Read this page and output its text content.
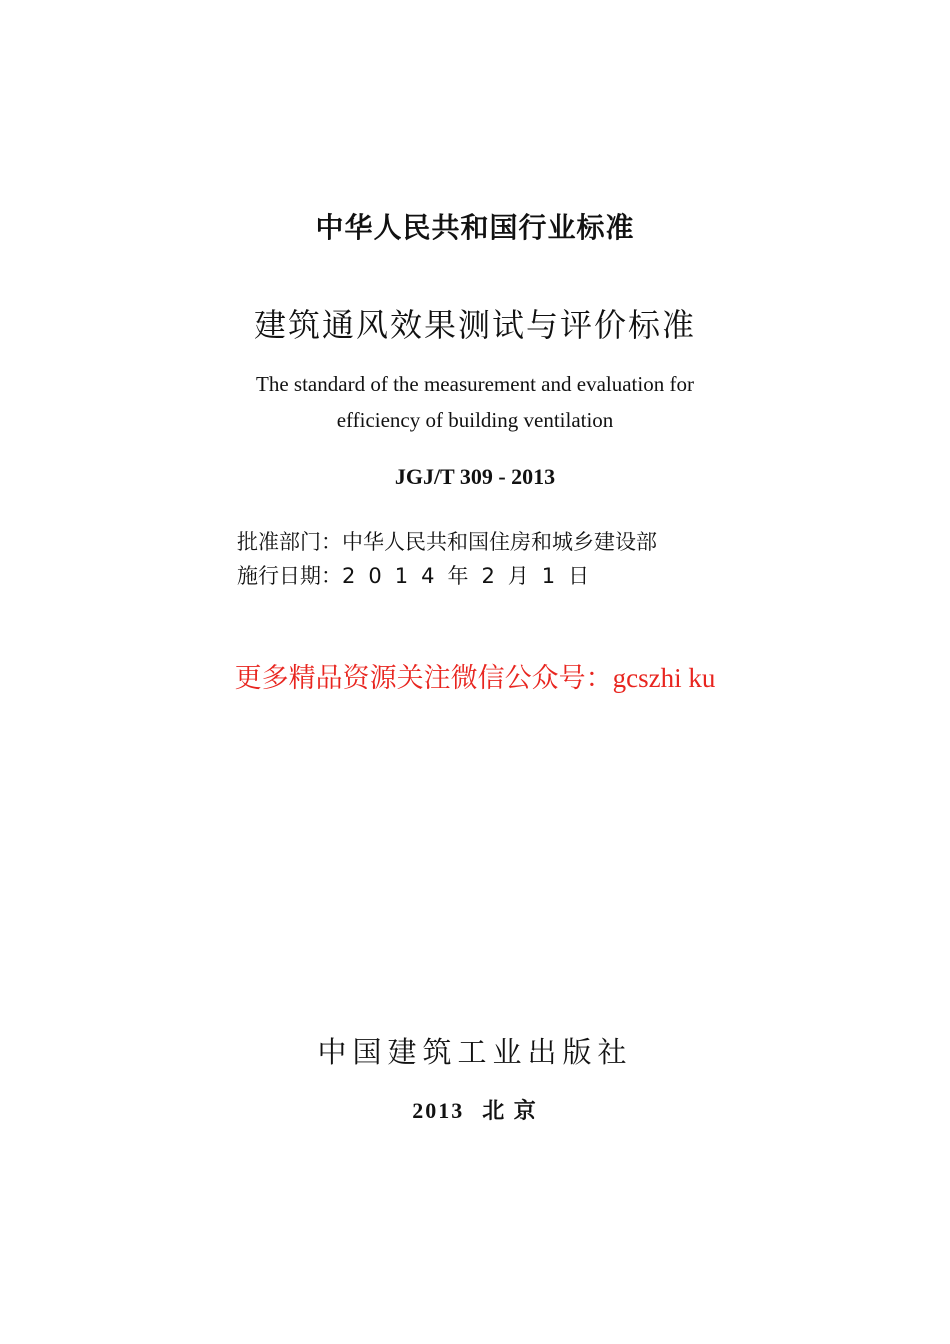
中华人民共和国行业标准
建筑通风效果测试与评价标准
The standard of the measurement and evaluation for
efficiency of building ventilation
JGJ/T 309 - 2013
批准部门：中华人民共和国住房和城乡建设部
施行日期：2014年2月1日
更多精品资源关注微信公众号：gcszhi ku
中国建筑工业出版社
2013 北 京
